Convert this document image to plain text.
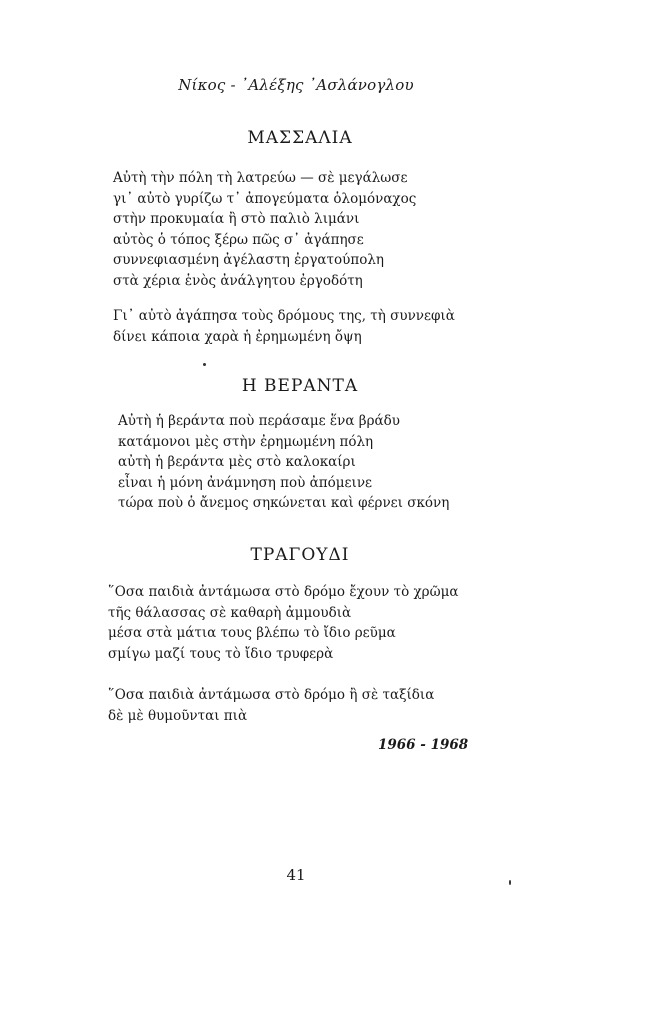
Νίκος - ᾿Αλέξης ᾿Ασλάνογλου
ΜΑΣΣΑΛΙΑ
Αὐτὴ τὴν πόλη τὴ λατρεύω — σὲ μεγάλωσε
γι᾿ αὐτὸ γυρίζω τ᾿ ἀπογεύματα ὁλομόναχος
στὴν προκυμαία ἢ στὸ παλιὸ λιμάνι
αὐτὸς ὁ τόπος ξέρω πῶς σ᾿ ἀγάπησε
συννεφιασμένη ἀγέλαστη ἐργατούπολη
στὰ χέρια ἑνὸς ἀνάλγητου ἐργοδότη
Γι᾿ αὐτὸ ἀγάπησα τοὺς δρόμους της, τὴ συννεφιὰ
δίνει κάποια χαρὰ ἡ ἐρημωμένη ὄψη
Η ΒΕΡΑΝΤΑ
Αὐτὴ ἡ βεράντα ποὺ περάσαμε ἕνα βράδυ
κατάμονοι μὲς στὴν ἐρημωμένη πόλη
αὐτὴ ἡ βεράντα μὲς στὸ καλοκαίρι
εἶναι ἡ μόνη ἀνάμνηση ποὺ ἀπόμεινε
τώρα ποὺ ὁ ἄνεμος σηκώνεται καὶ φέρνει σκόνη
ΤΡΑΓΟΥΔΙ
῞Οσα παιδιὰ ἀντάμωσα στὸ δρόμο ἔχουν τὸ χρῶμα
τῆς θάλασσας σὲ καθαρὴ ἀμμουδιὰ
μέσα στὰ μάτια τους βλέπω τὸ ἴδιο ρεῦμα
σμίγω μαζί τους τὸ ἴδιο τρυφερὰ
῞Οσα παιδιὰ ἀντάμωσα στὸ δρόμο ἢ σὲ ταξίδια
δὲ μὲ θυμοῦνται πιὰ
1966 - 1968
41
